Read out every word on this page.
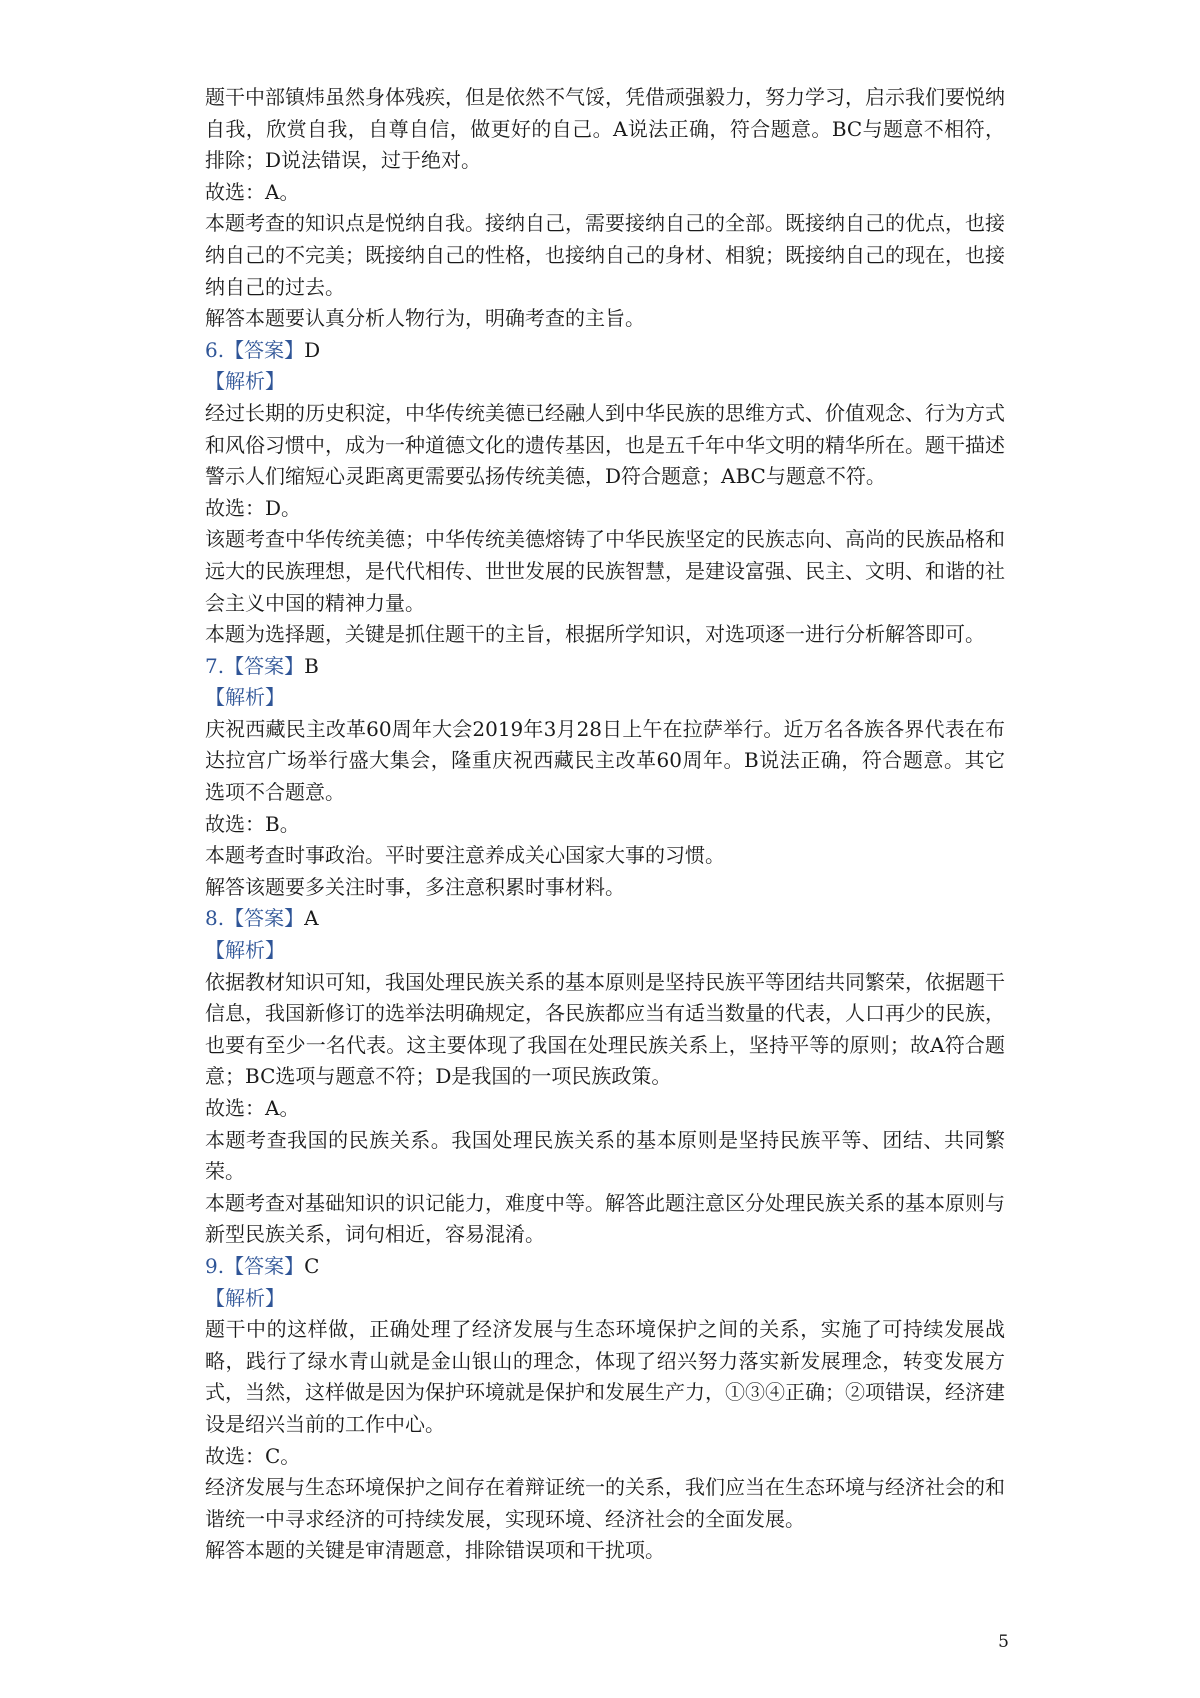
题干中部镇炜虽然身体残疾，但是依然不气馁，凭借顽强毅力，努力学习，启示我们要悦纳自我，欣赏自我，自尊自信，做更好的自己。A说法正确，符合题意。BC与题意不相符，排除；D说法错误，过于绝对。

故选：A。

本题考查的知识点是悦纳自我。接纳自己，需要接纳自己的全部。既接纳自己的优点，也接纳自己的不完美；既接纳自己的性格，也接纳自己的身材、相貌；既接纳自己的现在，也接纳自己的过去。

解答本题要认真分析人物行为，明确考查的主旨。

6.【答案】D

【解析】

经过长期的历史积淀，中华传统美德已经融人到中华民族的思维方式、价值观念、行为方式和风俗习惯中，成为一种道德文化的遗传基因，也是五千年中华文明的精华所在。题干描述警示人们缩短心灵距离更需要弘扬传统美德，D符合题意；ABC与题意不符。

故选：D。

该题考查中华传统美德；中华传统美德熔铸了中华民族坚定的民族志向、高尚的民族品格和远大的民族理想，是代代相传、世世发展的民族智慧，是建设富强、民主、文明、和谐的社会主义中国的精神力量。

本题为选择题，关键是抓住题干的主旨，根据所学知识，对选项逐一进行分析解答即可。

7.【答案】B

【解析】

庆祝西藏民主改革60周年大会2019年3月28日上午在拉萨举行。近万名各族各界代表在布达拉宫广场举行盛大集会，隆重庆祝西藏民主改革60周年。B说法正确，符合题意。其它选项不合题意。

故选：B。

本题考查时事政治。平时要注意养成关心国家大事的习惯。

解答该题要多关注时事，多注意积累时事材料。

8.【答案】A

【解析】

依据教材知识可知，我国处理民族关系的基本原则是坚持民族平等团结共同繁荣，依据题干信息，我国新修订的选举法明确规定，各民族都应当有适当数量的代表，人口再少的民族，也要有至少一名代表。这主要体现了我国在处理民族关系上，坚持平等的原则；故A符合题意；BC选项与题意不符；D是我国的一项民族政策。

故选：A。

本题考查我国的民族关系。我国处理民族关系的基本原则是坚持民族平等、团结、共同繁荣。

本题考查对基础知识的识记能力，难度中等。解答此题注意区分处理民族关系的基本原则与新型民族关系，词句相近，容易混淆。

9.【答案】C

【解析】

题干中的这样做，正确处理了经济发展与生态环境保护之间的关系，实施了可持续发展战略，践行了绿水青山就是金山银山的理念，体现了绍兴努力落实新发展理念，转变发展方式，当然，这样做是因为保护环境就是保护和发展生产力，①③④正确；②项错误，经济建设是绍兴当前的工作中心。

故选：C。

经济发展与生态环境保护之间存在着辩证统一的关系，我们应当在生态环境与经济社会的和谐统一中寻求经济的可持续发展，实现环境、经济社会的全面发展。

解答本题的关键是审清题意，排除错误项和干扰项。

5
